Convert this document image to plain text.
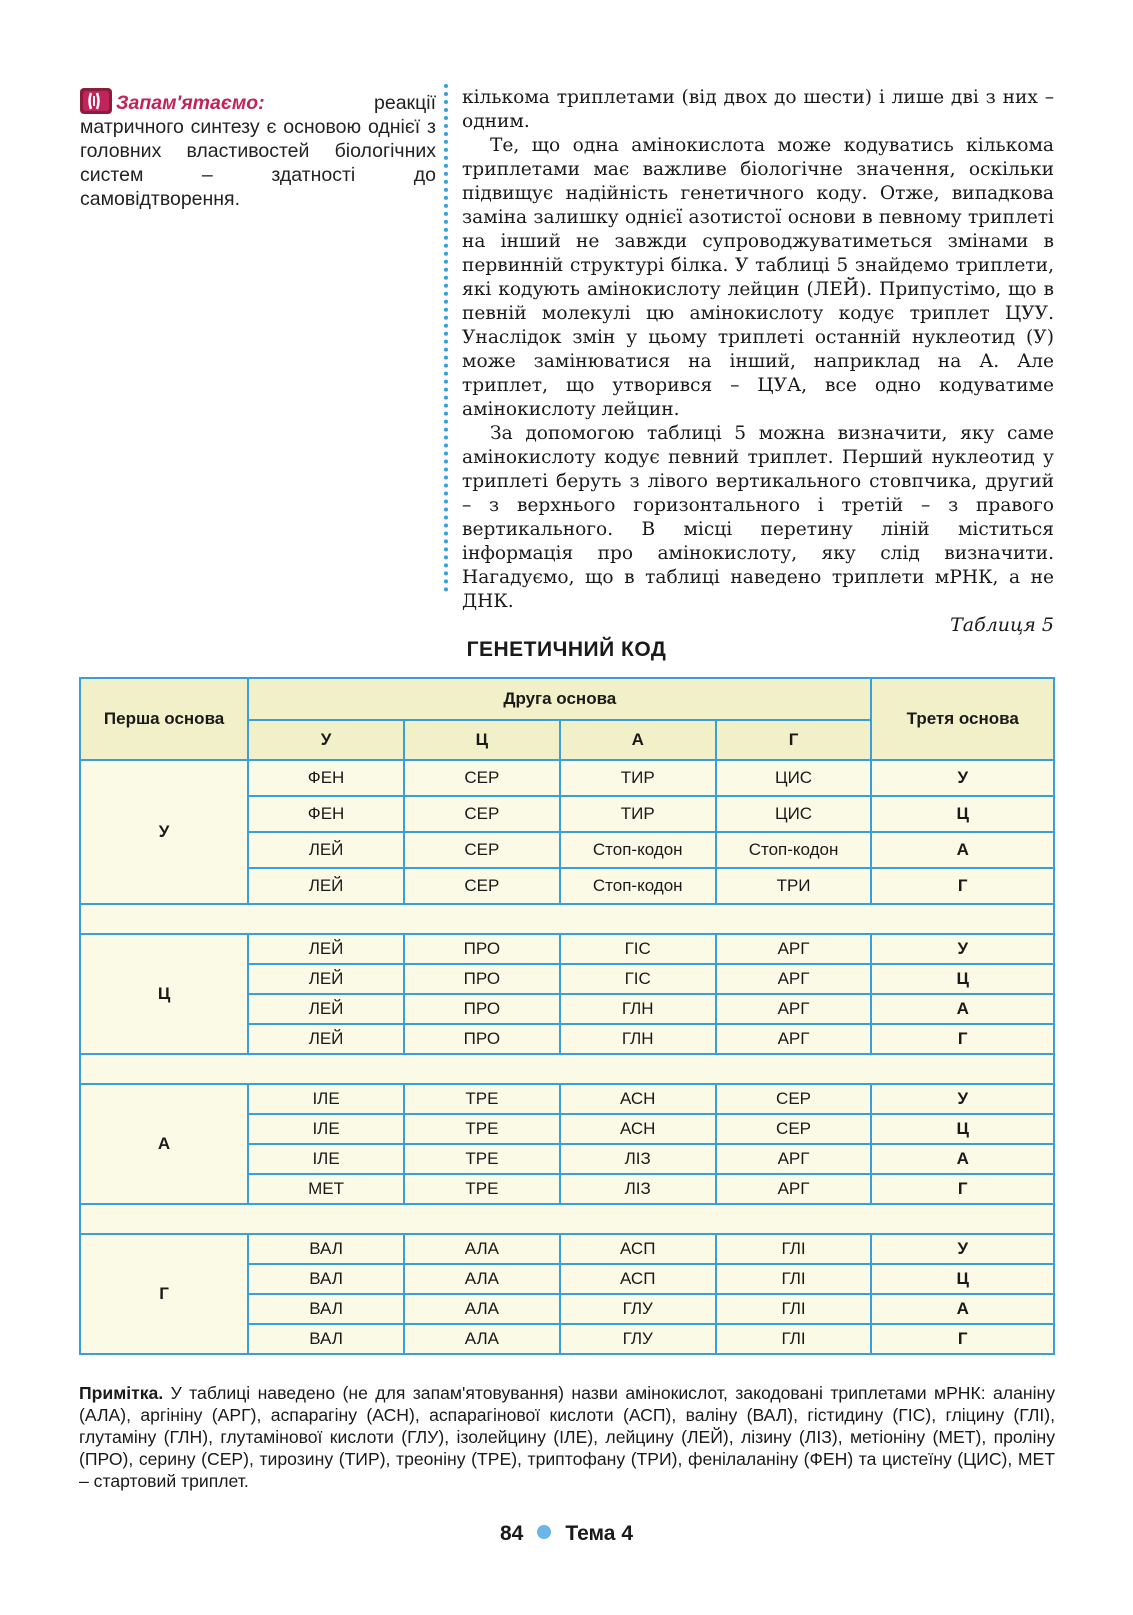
Запам'ятаємо:	реакції матричного синтезу є основою однієї з головних властивостей біологічних систем – здатності до самовідтворення.

кількома триплетами (від двох до шести) і лише дві з них – одним.

Те, що одна амінокислота може кодуватись кількома триплетами має важливе біологічне значення, оскільки підвищує надійність генетичного коду. Отже, випадкова заміна залишку однієї азотистої основи в певному триплеті на інший не завжди супроводжуватиметься змінами в первинній структурі білка. У таблиці 5 знайдемо триплети, які кодують амінокислоту лейцин (ЛЕЙ). Припустімо, що в певній молекулі цю амінокислоту кодує триплет ЦУУ. Унаслідок змін у цьому триплеті останній нуклеотид (У) може замінюватися на інший, наприклад на А. Але триплет, що утворився – ЦУА, все одно кодуватиме амінокислоту лейцин.

За допомогою таблиці 5 можна визначити, яку саме амінокислоту кодує певний триплет. Перший нуклеотид у триплеті беруть з лівого вертикального стовпчика, другий – з верхнього горизонтального і третій – з правого вертикального. В місці перетину ліній міститься інформація про амінокислоту, яку слід визначити. Нагадуємо, що в таблиці наведено триплети мРНК, а не ДНК.

Таблиця 5
ГЕНЕТИЧНИЙ КОД
Перша основа	Друга основа				Третя основа
	У	Ц	А	Г	
У	ФЕН	СЕР	ТИР	ЦИС	У
	ФЕН	СЕР	ТИР	ЦИС	Ц
	ЛЕЙ	СЕР	Стоп-кодон	Стоп-кодон	А
	ЛЕЙ	СЕР	Стоп-кодон	ТРИ	Г

Ц	ЛЕЙ	ПРО	ГІС	АРГ	У
	ЛЕЙ	ПРО	ГІС	АРГ	Ц
	ЛЕЙ	ПРО	ГЛН	АРГ	А
	ЛЕЙ	ПРО	ГЛН	АРГ	Г

А	ІЛЕ	ТРЕ	АСН	СЕР	У
	ІЛЕ	ТРЕ	АСН	СЕР	Ц
	ІЛЕ	ТРЕ	ЛІЗ	АРГ	А
	МЕТ	ТРЕ	ЛІЗ	АРГ	Г

Г	ВАЛ	АЛА	АСП	ГЛІ	У
	ВАЛ	АЛА	АСП	ГЛІ	Ц
	ВАЛ	АЛА	ГЛУ	ГЛІ	А
	ВАЛ	АЛА	ГЛУ	ГЛІ	Г
Примітка. У таблиці наведено (не для запам'ятовування) назви амінокислот, закодовані триплетами мРНК: аланіну (АЛА), аргініну (АРГ), аспарагіну (АСН), аспарагінової кислоти (АСП), валіну (ВАЛ), гістидину (ГІС), гліцину (ГЛІ), глутаміну (ГЛН), глутамінової кислоти (ГЛУ), ізолейцину (ІЛЕ), лейцину (ЛЕЙ), лізину (ЛІЗ), метіоніну (МЕТ), проліну (ПРО), серину (СЕР), тирозину (ТИР), треоніну (ТРЕ), триптофану (ТРИ), фенілаланіну (ФЕН) та цистеїну (ЦИС), МЕТ – стартовий триплет.
84 Тема 4
